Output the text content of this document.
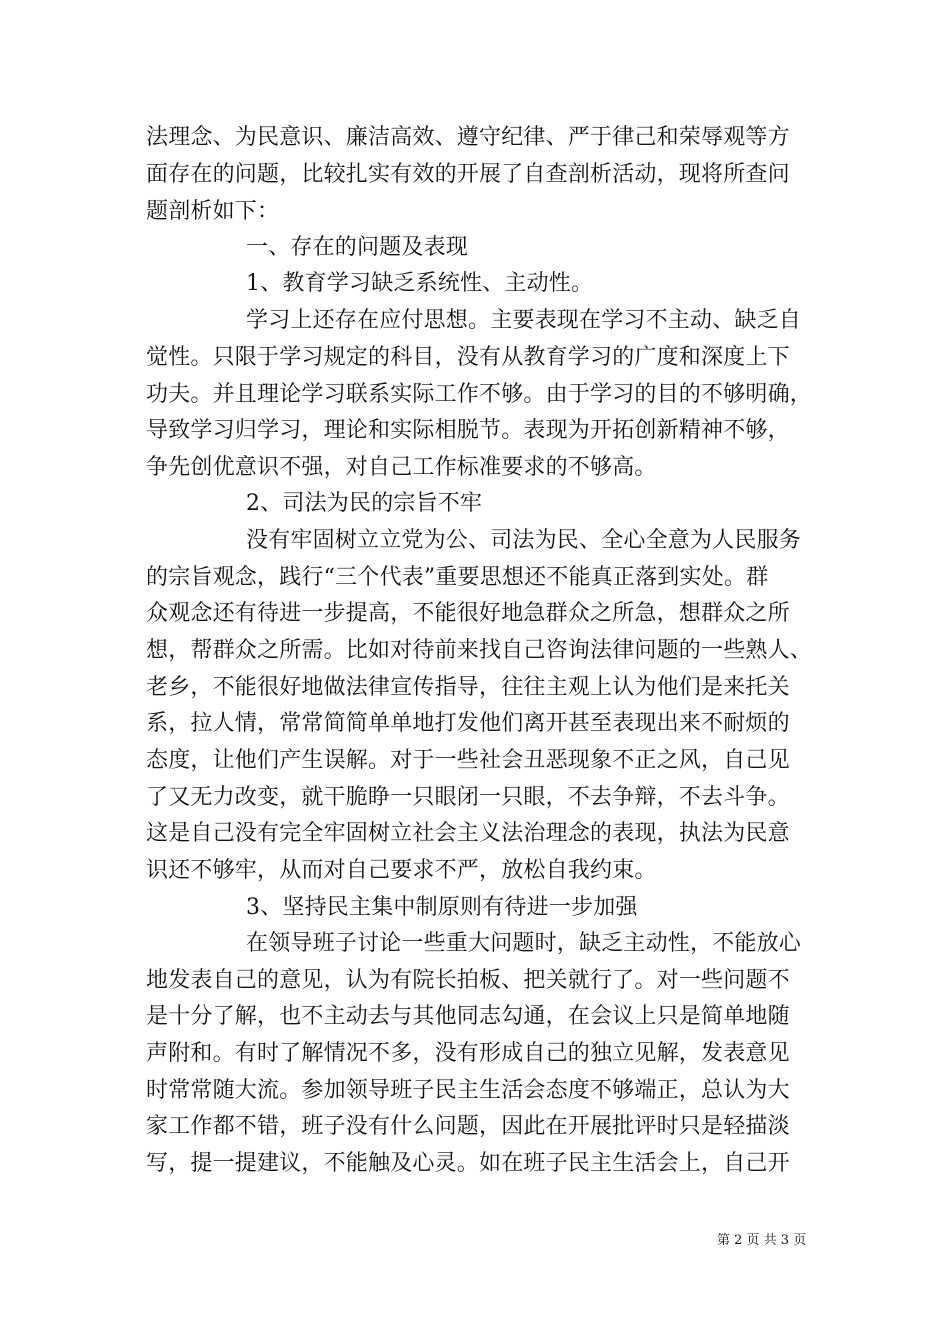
法理念、为民意识、廉洁高效、遵守纪律、严于律己和荣辱观等方
面存在的问题，比较扎实有效的开展了自查剖析活动，现将所查问
题剖析如下：
一、存在的问题及表现
1、教育学习缺乏系统性、主动性。
学习上还存在应付思想。主要表现在学习不主动、缺乏自
觉性。只限于学习规定的科目，没有从教育学习的广度和深度上下
功夫。并且理论学习联系实际工作不够。由于学习的目的不够明确，
导致学习归学习，理论和实际相脱节。表现为开拓创新精神不够，
争先创优意识不强，对自己工作标准要求的不够高。
2、司法为民的宗旨不牢
没有牢固树立立党为公、司法为民、全心全意为人民服务
的宗旨观念，践行“三个代表”重要思想还不能真正落到实处。群
众观念还有待进一步提高，不能很好地急群众之所急，想群众之所
想，帮群众之所需。比如对待前来找自己咨询法律问题的一些熟人、
老乡，不能很好地做法律宣传指导，往往主观上认为他们是来托关
系，拉人情，常常简简单单地打发他们离开甚至表现出来不耐烦的
态度，让他们产生误解。对于一些社会丑恶现象不正之风，自己见
了又无力改变，就干脆睁一只眼闭一只眼，不去争辩，不去斗争。
这是自己没有完全牢固树立社会主义法治理念的表现，执法为民意
识还不够牢，从而对自己要求不严，放松自我约束。
3、坚持民主集中制原则有待进一步加强
在领导班子讨论一些重大问题时，缺乏主动性，不能放心
地发表自己的意见，认为有院长拍板、把关就行了。对一些问题不
是十分了解，也不主动去与其他同志勾通，在会议上只是简单地随
声附和。有时了解情况不多，没有形成自己的独立见解，发表意见
时常常随大流。参加领导班子民主生活会态度不够端正，总认为大
家工作都不错，班子没有什么问题，因此在开展批评时只是轻描淡
写，提一提建议，不能触及心灵。如在班子民主生活会上，自己开
第 2 页 共 3 页
